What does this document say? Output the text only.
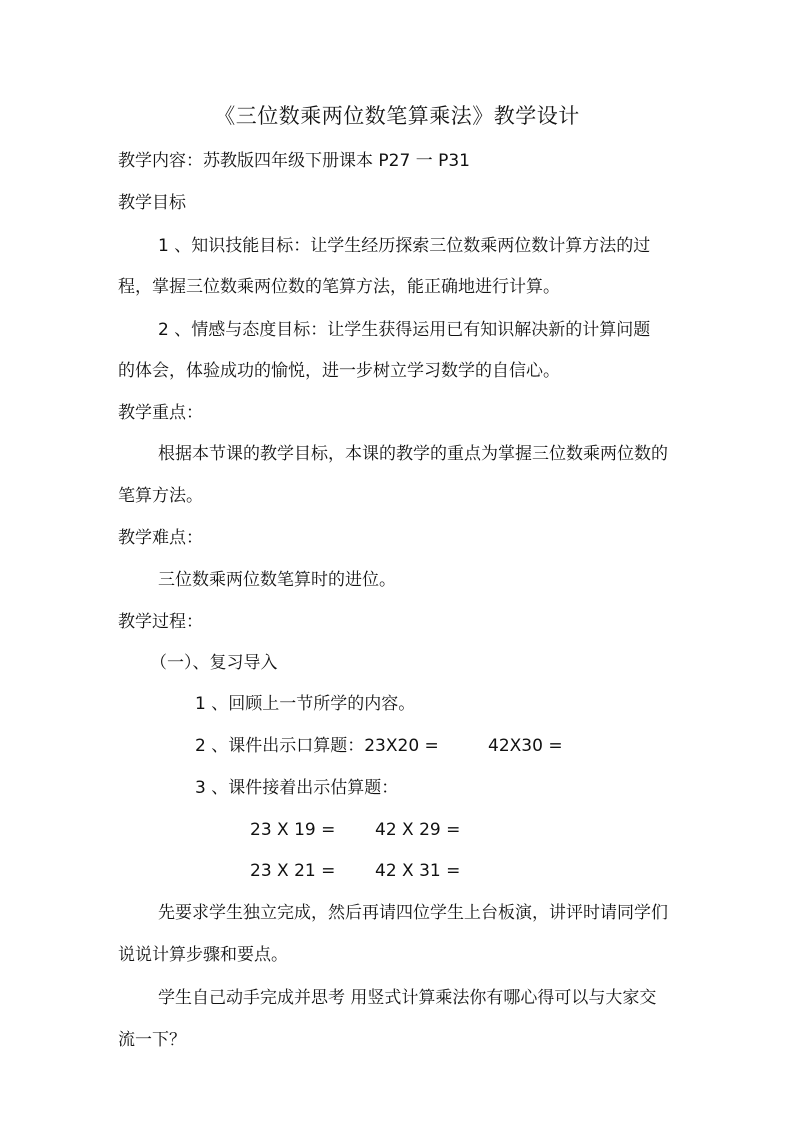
《三位数乘两位数笔算乘法》教学设计
教学内容：苏教版四年级下册课本 P27 一 P31
教学目标
1 、知识技能目标：让学生经历探索三位数乘两位数计算方法的过
程，掌握三位数乘两位数的笔算方法，能正确地进行计算。
2 、情感与态度目标：让学生获得运用已有知识解决新的计算问题
的体会，体验成功的愉悦，进一步树立学习数学的自信心。
教学重点：
根据本节课的教学目标，本课的教学的重点为掌握三位数乘两位数的
笔算方法。
教学难点：
三位数乘两位数笔算时的进位。
教学过程：
（一）、复习导入
1 、回顾上一节所学的内容。
2 、课件出示口算题：23X20 =	42X30 =
3 、课件接着出示估算题：
23 X 19 = 42 X 29 =
23 X 21 = 42 X 31 =
先要求学生独立完成，然后再请四位学生上台板演，讲评时请同学们
说说计算步骤和要点。
学生自己动手完成并思考 用竖式计算乘法你有哪心得可以与大家交
流一下？
